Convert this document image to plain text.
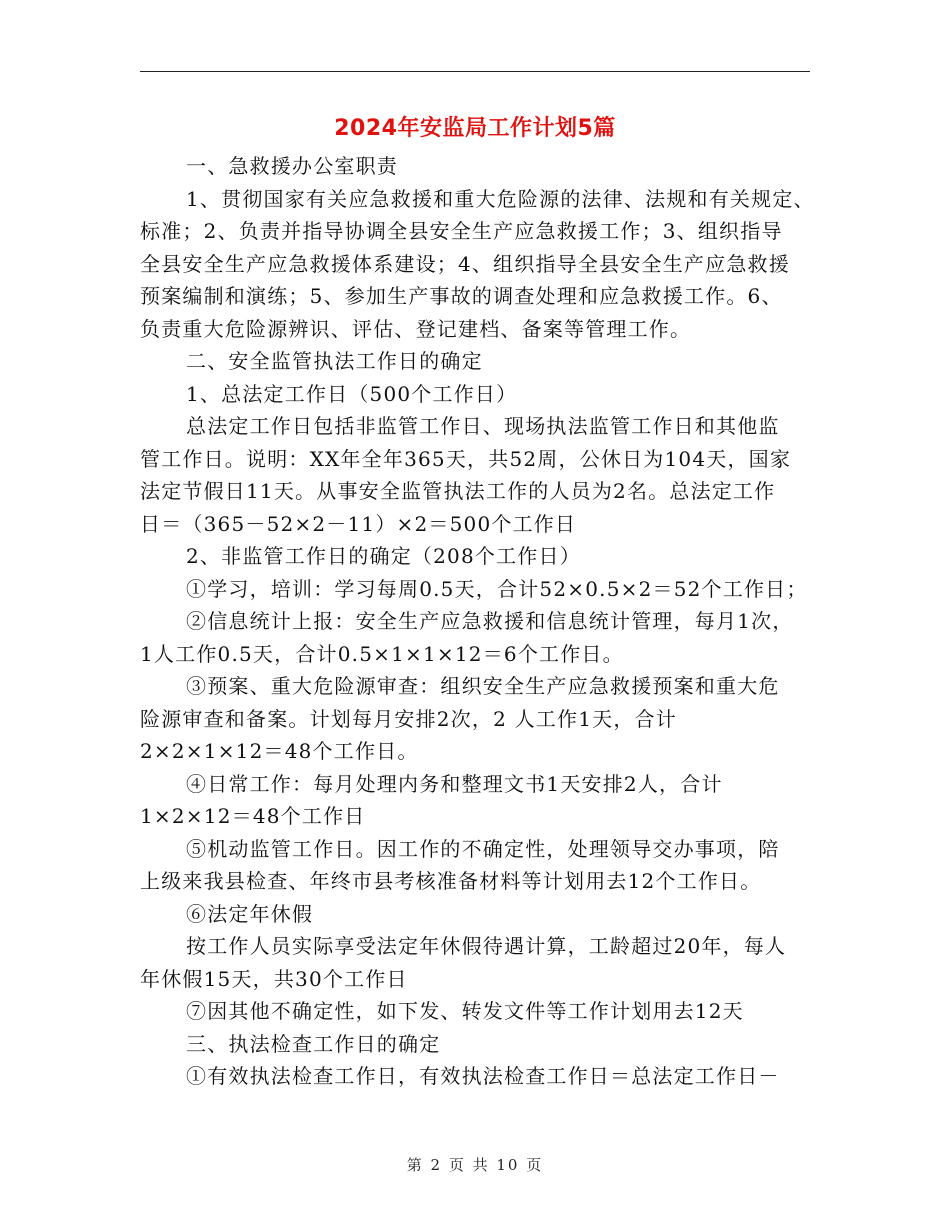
2024年安监局工作计划5篇
一、急救援办公室职责
1、贯彻国家有关应急救援和重大危险源的法律、法规和有关规定、
标准；2、负责并指导协调全县安全生产应急救援工作；3、组织指导
全县安全生产应急救援体系建设；4、组织指导全县安全生产应急救援
预案编制和演练；5、参加生产事故的调查处理和应急救援工作。6、
负责重大危险源辨识、评估、登记建档、备案等管理工作。
二、安全监管执法工作日的确定
1、总法定工作日（500个工作日）
总法定工作日包括非监管工作日、现场执法监管工作日和其他监
管工作日。说明：XX年全年365天，共52周，公休日为104天，国家
法定节假日11天。从事安全监管执法工作的人员为2名。总法定工作
日＝（365－52×2－11）×2＝500个工作日
2、非监管工作日的确定（208个工作日）
①学习，培训：学习每周0.5天，合计52×0.5×2＝52个工作日；
②信息统计上报：安全生产应急救援和信息统计管理，每月1次，
1人工作0.5天，合计0.5×1×1×12＝6个工作日。
③预案、重大危险源审查：组织安全生产应急救援预案和重大危
险源审查和备案。计划每月安排2次，2 人工作1天，合计
2×2×1×12＝48个工作日。
④日常工作：每月处理内务和整理文书1天安排2人，合计
1×2×12＝48个工作日
⑤机动监管工作日。因工作的不确定性，处理领导交办事项，陪
上级来我县检查、年终市县考核准备材料等计划用去12个工作日。
⑥法定年休假
按工作人员实际享受法定年休假待遇计算，工龄超过20年，每人
年休假15天，共30个工作日
⑦因其他不确定性，如下发、转发文件等工作计划用去12天
三、执法检查工作日的确定
①有效执法检查工作日，有效执法检查工作日＝总法定工作日－
第 2 页 共 10 页
